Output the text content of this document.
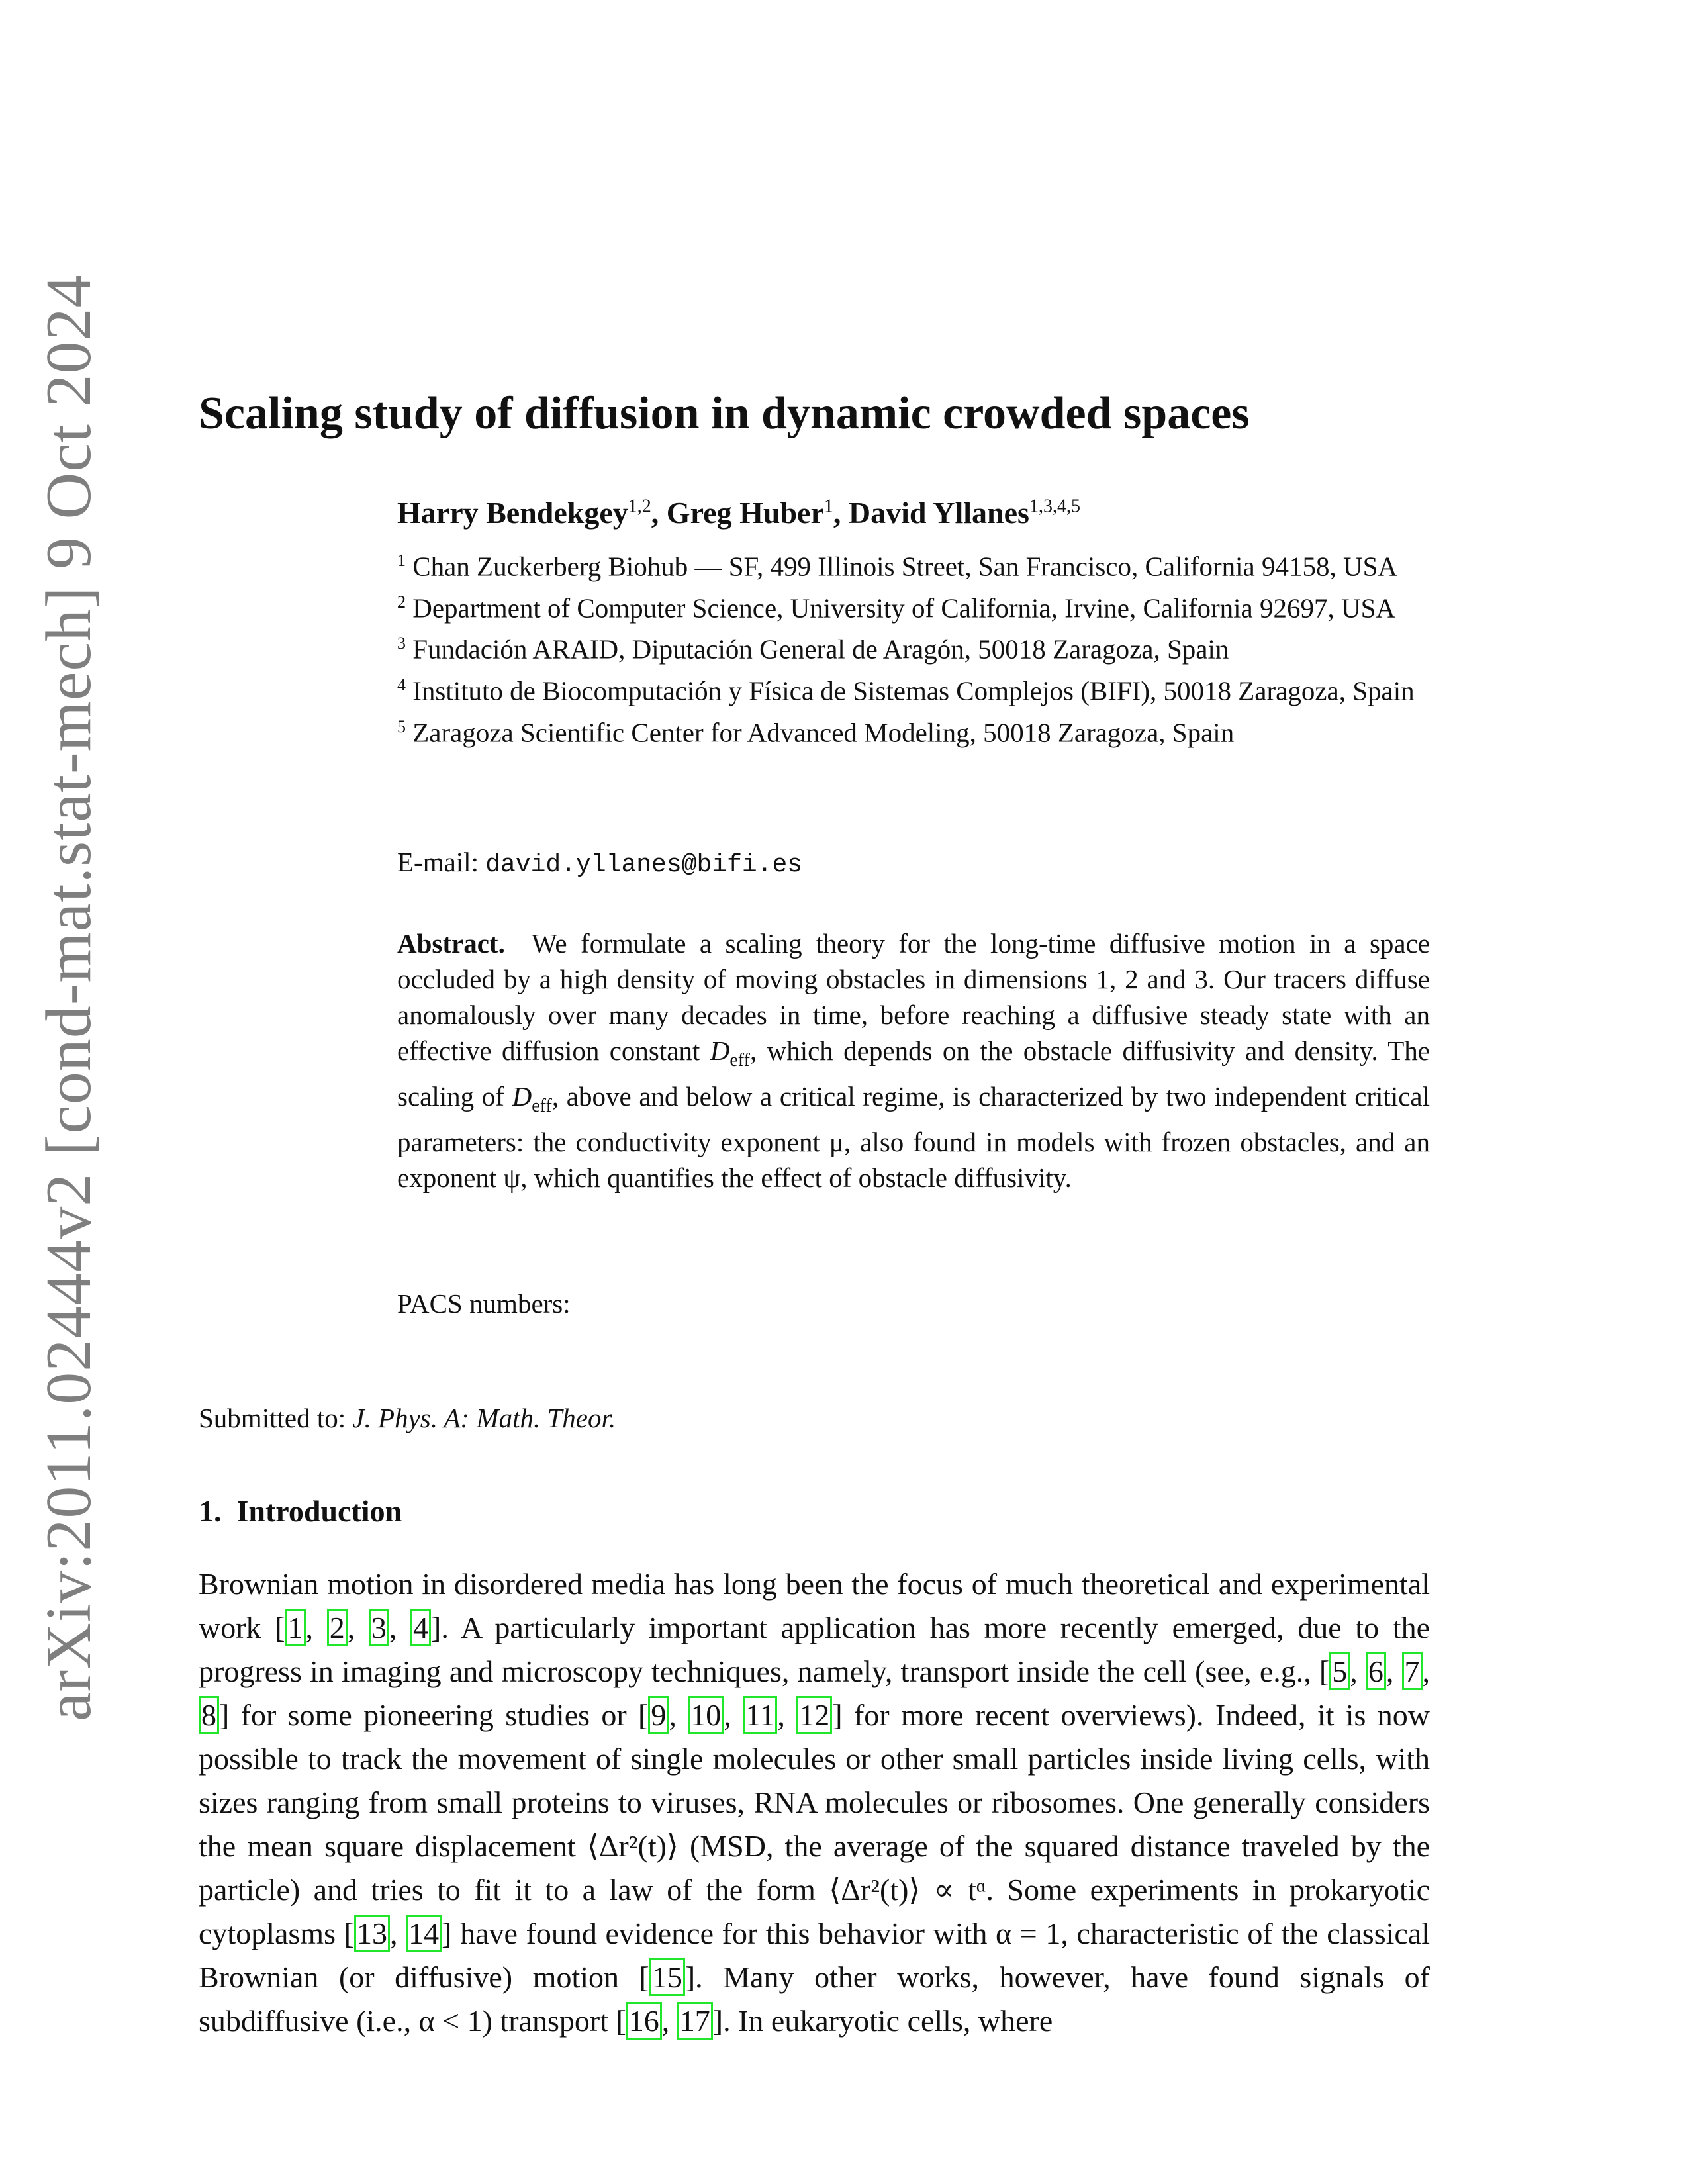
arXiv:2011.02444v2 [cond-mat.stat-mech] 9 Oct 2024 Scaling study of diffusion in dynamic crowded spaces
Harry Bendekgey$^{1,2}$, Greg Huber$^1$, David Yllanes$^{1,3,4,5}$
$^1$ Chan Zuckerberg Biohub — SF, 499 Illinois Street, San Francisco, California 94158, USA
$^2$ Department of Computer Science, University of California, Irvine, California 92697, USA
$^3$ Fundación ARAID, Diputación General de Aragón, 50018 Zaragoza, Spain
$^4$ Instituto de Biocomputación y Física de Sistemas Complejos (BIFI), 50018 Zaragoza, Spain
$^5$ Zaragoza Scientific Center for Advanced Modeling, 50018 Zaragoza, Spain
E-mail: david.yllanes@bifi.es
Abstract. We formulate a scaling theory for the long-time diffusive motion in a space occluded by a high density of moving obstacles in dimensions 1, 2 and 3. Our tracers diffuse anomalously over many decades in time, before reaching a diffusive steady state with an effective diffusion constant $D_{eff}$, which depends on the obstacle diffusivity and density. The scaling of $D_{eff}$, above and below a critical regime, is characterized by two independent critical parameters: the conductivity exponent μ, also found in models with frozen obstacles, and an exponent ψ, which quantifies the effect of obstacle diffusivity.
PACS numbers:
Submitted to: J. Phys. A: Math. Theor.
1. Introduction
Brownian motion in disordered media has long been the focus of much theoretical and experimental work [1, 2, 3, 4]. A particularly important application has more recently emerged, due to the progress in imaging and microscopy techniques, namely, transport inside the cell (see, e.g., [5, 6, 7, 8] for some pioneering studies or [9, 10, 11, 12] for more recent overviews). Indeed, it is now possible to track the movement of single molecules or other small particles inside living cells, with sizes ranging from small proteins to viruses, RNA molecules or ribosomes. One generally considers the mean square displacement ⟨Δr²(t)⟩ (MSD, the average of the squared distance traveled by the particle) and tries to fit it to a law of the form ⟨Δr²(t)⟩ ∝ tᵅ. Some experiments in prokaryotic cytoplasms [13, 14] have found evidence for this behavior with α = 1, characteristic of the classical Brownian (or diffusive) motion [15]. Many other works, however, have found signals of subdiffusive (i.e., α < 1) transport [16, 17]. In eukaryotic cells, where
